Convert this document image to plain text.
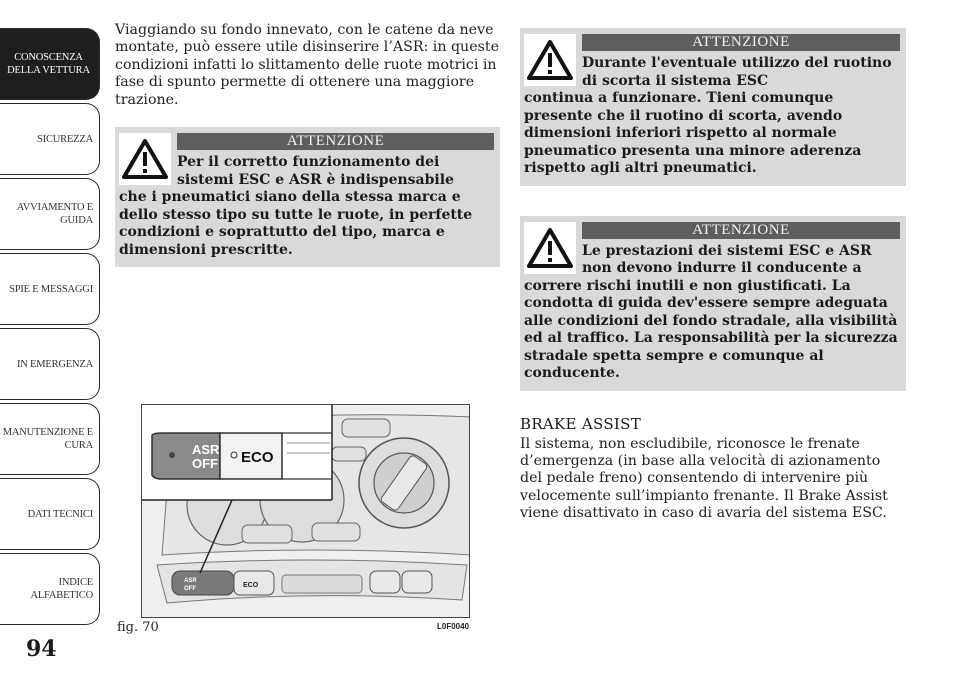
CONOSCENZA
DELLA VETTURA
SICUREZZA
AVVIAMENTO E
GUIDA
SPIE E MESSAGGI
IN EMERGENZA
MANUTENZIONE E
CURA
DATI TECNICI
INDICE
ALFABETICO
94

Viaggiando su fondo innevato, con le catene da neve montate, può essere utile disinserire l’ASR: in queste condizioni infatti lo slittamento delle ruote motrici in fase di spunto permette di ottenere una maggiore trazione.

ATTENZIONE
Per il corretto funzionamento dei sistemi ESC e ASR è indispensabile
che i pneumatici siano della stessa marca e dello stesso tipo su tutte le ruote, in perfette condizioni e soprattutto del tipo, marca e dimensioni prescritte.
ATTENZIONE
Durante l'eventuale utilizzo del ruotino di scorta il sistema ESC
continua a funzionare. Tieni comunque presente che il ruotino di scorta, avendo dimensioni inferiori rispetto al normale pneumatico presenta una minore aderenza rispetto agli altri pneumatici.
ATTENZIONE
Le prestazioni dei sistemi ESC e ASR non devono indurre il conducente a
correre rischi inutili e non giustificati. La condotta di guida dev'essere sempre adeguata alle condizioni del fondo stradale, alla visibilità ed al traffico. La responsabilità per la sicurezza stradale spetta sempre e comunque al conducente.
BRAKE ASSIST

Il sistema, non escludibile, riconosce le frenate d’emergenza (in base alla velocità di azionamento del pedale freno) consentendo di intervenire più velocemente sull’impianto frenante. Il Brake Assist viene disattivato in caso di avaria del sistema ESC.

ASR
OFF	ECO
ASR
OFF ECO
fig. 70	L0F0040
